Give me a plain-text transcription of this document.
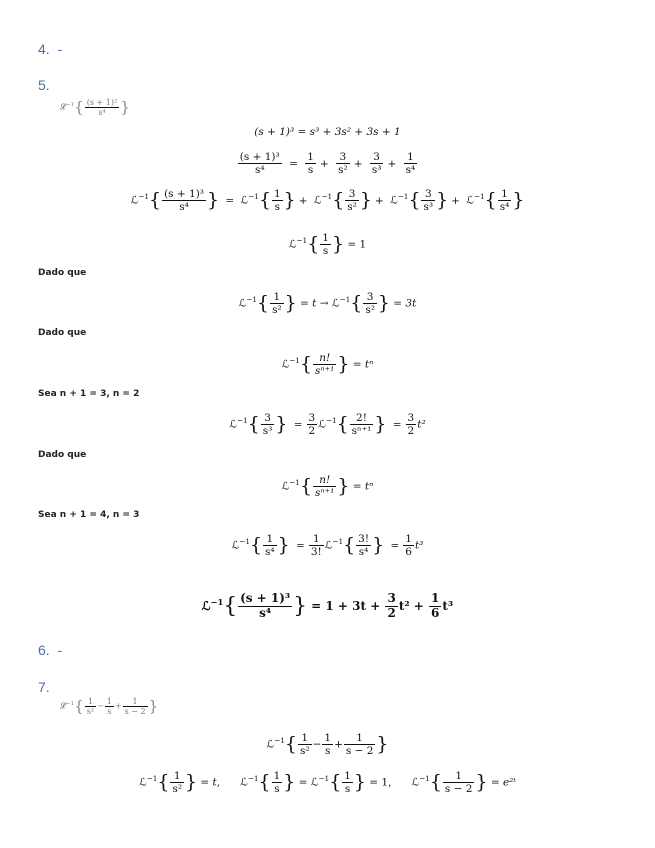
4. -
5.
𝓛$^{-1}${ $\frac{\text{(s + 1)²}}{\text{s⁴}}$ }
(s + 1)³ = s³ + 3s² + 3s + 1
$\frac{\text{(s + 1)³}}{\text{s⁴}} = \frac{1}{s} + \frac{3}{\text{s²}} + \frac{3}{\text{s³}} + \frac{1}{\text{s⁴}}$
ℒ$^{-1}${ $\frac{\text{(s + 1)³}}{\text{s⁴}}$ } = ℒ$^{-1}${ $\frac{1}{s}$ } + ℒ$^{-1}${ $\frac{3}{\text{s²}}$ } + ℒ$^{-1}${ $\frac{3}{\text{s³}}$ } + ℒ$^{-1}${ $\frac{1}{\text{s⁴}}$ }
ℒ$^{-1}${ $\frac{1}{s}$ } = 1
Dado que
ℒ$^{-1}${ $\frac{1}{\text{s²}}$ } = t → ℒ$^{-1}${ $\frac{3}{\text{s²}}$ } = 3t
Dado que
ℒ$^{-1}${ $\frac{n!}{\text{sⁿ⁺¹}}$ } = tⁿ
Sea n + 1 = 3, n = 2
ℒ$^{-1}${ $\frac{3}{\text{s³}}$ } = $\frac{3}{2}$ ℒ$^{-1}${ $\frac{2!}{\text{sⁿ⁺¹}}$ } = $\frac{3}{2} t^2$
Dado que
ℒ$^{-1}${ $\frac{n!}{\text{sⁿ⁺¹}}$ } = tⁿ
Sea n + 1 = 4, n = 3
ℒ$^{-1}${ $\frac{1}{\text{s⁴}}$ } = $\frac{1}{3!}$ ℒ$^{-1}${ $\frac{3!}{\text{s⁴}}$ } = $\frac{1}{6} t^3$
ℒ$^{-1}${ $\frac{\text{(s + 1)³}}{\text{s⁴}}$ } = $1 + 3t + \frac{3}{2} t^2 + \frac{1}{6} t^3$
6. -
7.
𝓛$^{-1}${ $\frac{1}{\text{s²}} - \frac{1}{s} + \frac{1}{s - 2}$ }
ℒ$^{-1}${ $\frac{1}{\text{s²}} - \frac{1}{s} + \frac{1}{s - 2}$ }
ℒ$^{-1}${ $\frac{1}{\text{s²}}$ } = t, ℒ$^{-1}${ $\frac{1}{s}$ } = ℒ$^{-1}${ $\frac{1}{s}$ } = 1, ℒ$^{-1}${ $\frac{1}{s - 2}$ } = e²ᵗ
